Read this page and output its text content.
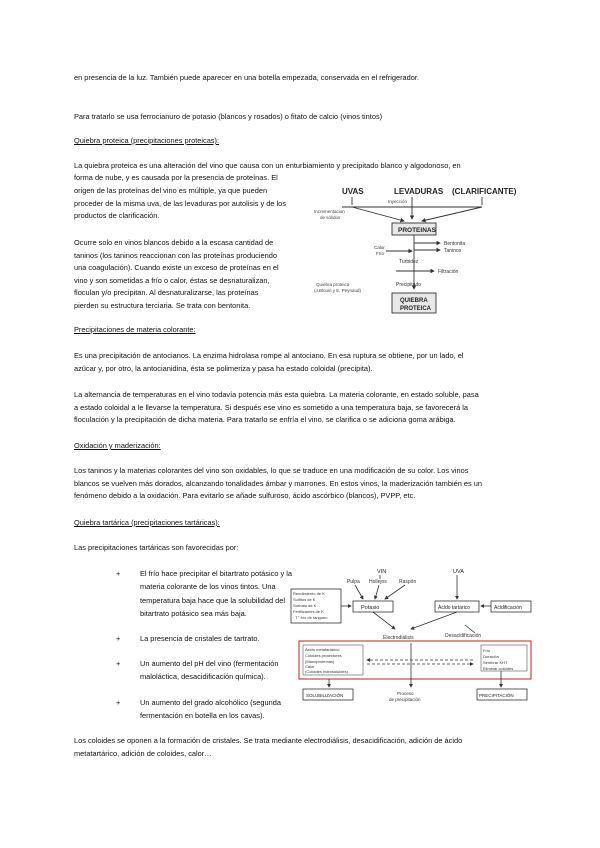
en presencia de la luz. También puede aparecer en una botella empezada, conservada en el refrigerador.

Para tratarlo se usa ferrocianuro de potasio (blancos y rosados) o fitato de calcio (vinos tintos)

Quiebra proteica (precipitaciones proteicas):

La quiebra proteica es una alteración del vino que causa con un enturbiamiento y precipitado blanco y algodonoso, en

forma de nube, y es causada por la presencia de proteínas. El

origen de las proteínas del vino es múltiple, ya que pueden
proceder de la misma uva, de las levaduras por autolisis y de los
productos de clarificación.
Ocurre solo en vinos blancos debido a la escasa cantidad de
taninos (los taninos reaccionan con las proteínas produciendo
una coagulación). Cuando existe un exceso de proteínas en el
vino y son sometidas a frío o calor, éstas se desnaturalizan,
floculan y/o precipitan. Al desnaturalizarse, las proteínas
pierden su estructura terciaria. Se trata con bentonita.
UVAS	LEVADURAS (CLARIFICANTE)
Inyección
Incrementacion
de sólidos
PROTEINAS
Bentonita
Taninos
Calor
Frío
Turbidez
Filtración
Precipitado
Quiebra proteica
(J.Blouin y E. Peynaud)
QUIEBRA
PROTEICA

Precipitaciones de materia colorante:

Es una precipitación de antocianos. La enzima hidrolasa rompe al antociano. En esa ruptura se obtiene, por un lado, el
azúcar y, por otro, la antocianidina, ésta se polimeriza y pasa ha estado coloidal (precipita).
La alternancia de temperaturas en el vino todavía potencia más esta quiebra. La materia colorante, en estado soluble, pasa
a estado coloidal a le llevarse la temperatura. Si después ese vino es sometido a una temperatura baja, se favorecerá la
floculación y la precipitación de dicha materia. Para tratarlo se enfría el vino, se clarifica o se adiciona goma arábiga.

Oxidación y maderización:

Los taninos y la materias colorantes del vino son oxidables, lo que se traduce en una modificación de su color. Los vinos
blancos se vuelven más dorados, alcanzando tonalidades ámbar y marrones. En estos vinos, la maderización también es un
fenómeno debido a la oxidación. Para evitarlo se añade sulfuroso, ácido ascórbico (blancos), PVPP, etc.

Quiebra tartárica (precipitaciones tartáricas):

Las precipitaciones tartáricas son favorecidas por:

+	El frío hace precipitar el bitartrato potásico y la
materia colorante de los vinos tintos. Una
temperatura baja hace que la solubilidad del
bitartrato potásico sea más baja.
+	La presencia de cristales de tartrato.
+	Un aumento del pH del vino (fermentación
maloláctica, desacidificación química).
+	Un aumento del grado alcohólico (segunda
fermentación en botella en los cavas).
VIN	UVA
Pulpa Hollejos Raspón
Potasio	Ácido tartárico	Acidificación
Rendimiento de K
Sulfitos de K
Sorbato de K
Fertilizantes de K
· T° frío de fangueo
Electrodiálisis	Desacidificación
Ácido metatartárico
Coloides protectores
(Manoproteínas)
Calor
(Coloides hidrosolubles)
Frío
Duración
Sembrar KHT
Eliminar coloides
SOLUBILIZACIÓN	Proceso
de precipitación
PRECIPITACIÓN
Los coloides se oponen a la formación de cristales. Se trata mediante electrodiálisis, desacidificación, adición de ácido
metatartárico, adición de coloides, calor…
